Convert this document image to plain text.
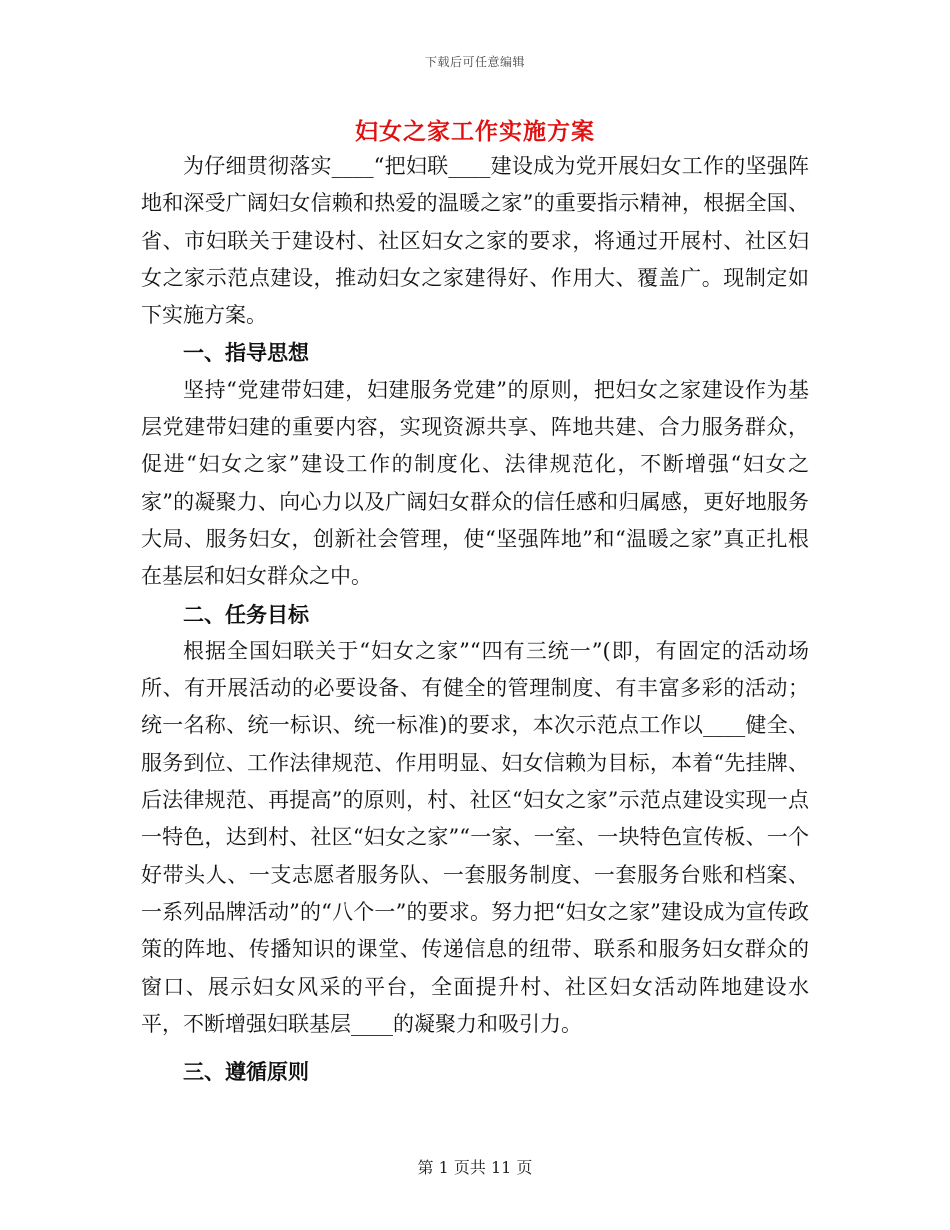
下载后可任意编辑
妇女之家工作实施方案

为仔细贯彻落实____“把妇联____建设成为党开展妇女工作的坚强阵地和深受广阔妇女信赖和热爱的温暖之家”的重要指示精神，根据全国、省、市妇联关于建设村、社区妇女之家的要求，将通过开展村、社区妇女之家示范点建设，推动妇女之家建得好、作用大、覆盖广。现制定如下实施方案。

一、指导思想

坚持“党建带妇建，妇建服务党建”的原则，把妇女之家建设作为基层党建带妇建的重要内容，实现资源共享、阵地共建、合力服务群众，促进“妇女之家”建设工作的制度化、法律规范化，不断增强“妇女之家”的凝聚力、向心力以及广阔妇女群众的信任感和归属感，更好地服务大局、服务妇女，创新社会管理，使“坚强阵地”和“温暖之家”真正扎根在基层和妇女群众之中。

二、任务目标

根据全国妇联关于“妇女之家”“四有三统一”(即，有固定的活动场所、有开展活动的必要设备、有健全的管理制度、有丰富多彩的活动；统一名称、统一标识、统一标准)的要求，本次示范点工作以____健全、服务到位、工作法律规范、作用明显、妇女信赖为目标，本着“先挂牌、后法律规范、再提高”的原则，村、社区“妇女之家”示范点建设实现一点一特色，达到村、社区“妇女之家”“一家、一室、一块特色宣传板、一个好带头人、一支志愿者服务队、一套服务制度、一套服务台账和档案、一系列品牌活动”的“八个一”的要求。努力把“妇女之家”建设成为宣传政策的阵地、传播知识的课堂、传递信息的纽带、联系和服务妇女群众的窗口、展示妇女风采的平台，全面提升村、社区妇女活动阵地建设水平，不断增强妇联基层____的凝聚力和吸引力。

三、遵循原则
第 1 页共 11 页
